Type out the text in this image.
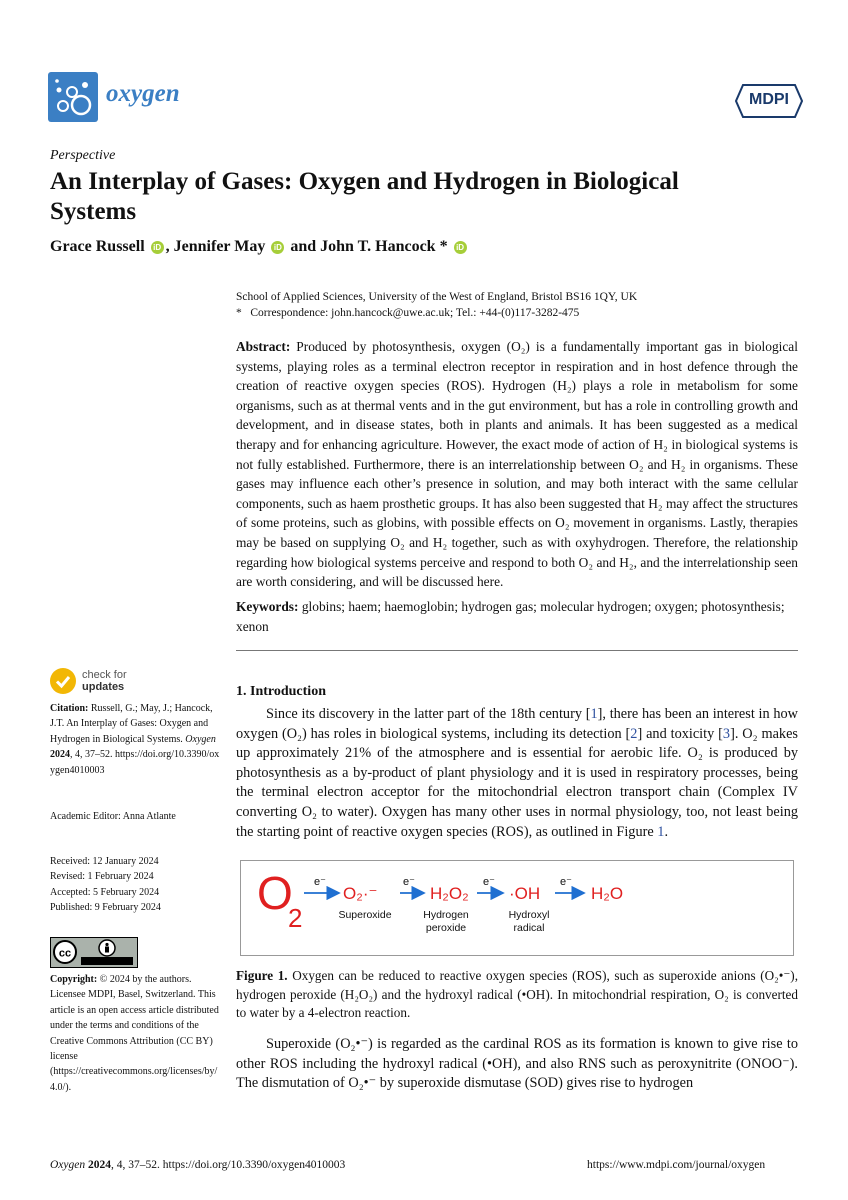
oxygen	MDPI
Perspective
An Interplay of Gases: Oxygen and Hydrogen in Biological Systems
Grace Russell iD , Jennifer May iD and John T. Hancock * iD
School of Applied Sciences, University of the West of England, Bristol BS16 1QY, UK
*   Correspondence: john.hancock@uwe.ac.uk; Tel.: +44-(0)117-3282-475

Abstract: Produced by photosynthesis, oxygen (O₂) is a fundamentally important gas in biological systems, playing roles as a terminal electron receptor in respiration and in host defence through the creation of reactive oxygen species (ROS). Hydrogen (H₂) plays a role in metabolism for some organisms, such as at thermal vents and in the gut environment, but has a role in controlling growth and development, and in disease states, both in plants and animals. It has been suggested as a medical therapy and for enhancing agriculture. However, the exact mode of action of H₂ in biological systems is not fully established. Furthermore, there is an interrelationship between O₂ and H₂ in organisms. These gases may influence each other’s presence in solution, and may both interact with the same cellular components, such as haem prosthetic groups. It has also been suggested that H₂ may affect the structures of some proteins, such as globins, with possible effects on O₂ movement in organisms. Lastly, therapies may be based on supplying O₂ and H₂ together, such as with oxyhydrogen. Therefore, the relationship regarding how biological systems perceive and respond to both O₂ and H₂, and the interrelationship seen are worth considering, and will be discussed here.

Keywords: globins; haem; haemoglobin; hydrogen gas; molecular hydrogen; oxygen; photosynthesis; xenon

check for
updates
Citation: Russell, G.; May, J.; Hancock, J.T. An Interplay of Gases: Oxygen and Hydrogen in Biological Systems. Oxygen 2024, 4, 37–52. https://doi.org/10.3390/oxygen4010003
Academic Editor: Anna Atlante
Received: 12 January 2024
Revised: 1 February 2024
Accepted: 5 February 2024
Published: 9 February 2024
cc
Copyright: © 2024 by the authors. Licensee MDPI, Basel, Switzerland. This article is an open access article distributed under the terms and conditions of the Creative Commons Attribution (CC BY) license (https://creativecommons.org/licenses/by/4.0/).
1. Introduction

Since its discovery in the latter part of the 18th century [1], there has been an interest in how oxygen (O₂) has roles in biological systems, including its detection [2] and toxicity [3]. O₂ makes up approximately 21% of the atmosphere and is essential for aerobic life. O₂ is produced by photosynthesis as a by-product of plant physiology and it is used in respiratory processes, being the terminal electron acceptor for the mitochondrial electron transport chain (Complex IV converting O₂ to water). Oxygen has many other uses in normal physiology, too, not least being the starting point of reactive oxygen species (ROS), as outlined in Figure 1.

O
2
e⁻	e⁻	e⁻	e⁻
O₂·⁻	H₂O₂ ·OH	H₂O
Superoxide	Hydrogen
peroxide
Hydroxyl
radical

Figure 1. Oxygen can be reduced to reactive oxygen species (ROS), such as superoxide anions (O₂•⁻), hydrogen peroxide (H₂O₂) and the hydroxyl radical (•OH). In mitochondrial respiration, O₂ is converted to water by a 4-electron reaction.

Superoxide (O₂•⁻) is regarded as the cardinal ROS as its formation is known to give rise to other ROS including the hydroxyl radical (•OH), and also RNS such as peroxynitrite (ONOO⁻). The dismutation of O₂•⁻ by superoxide dismutase (SOD) gives rise to hydrogen

Oxygen 2024, 4, 37–52. https://doi.org/10.3390/oxygen4010003	https://www.mdpi.com/journal/oxygen
